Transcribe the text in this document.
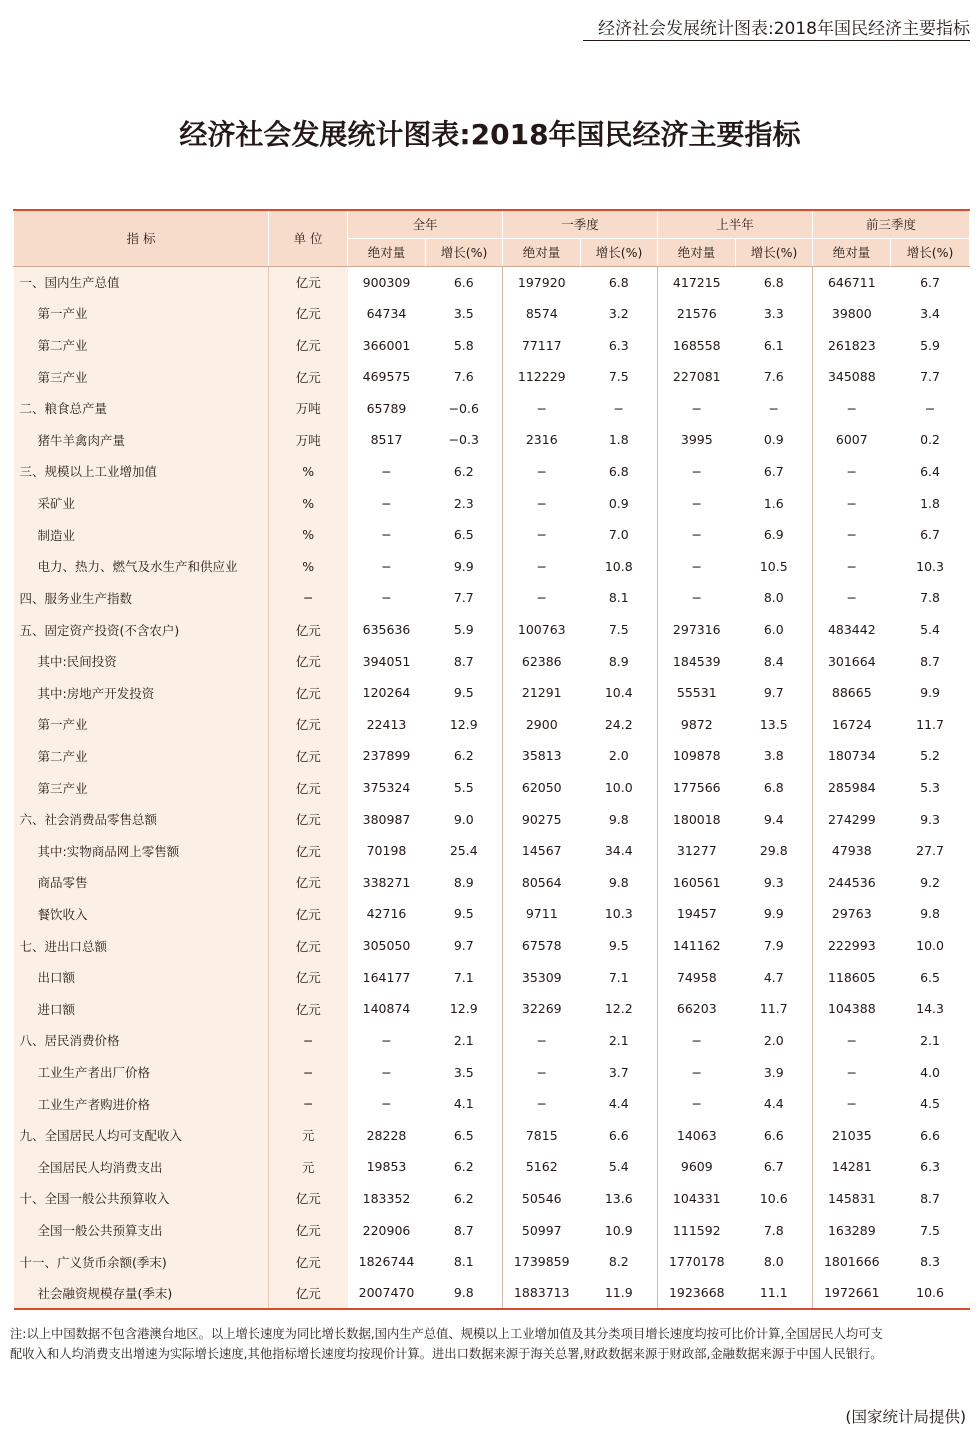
经济社会发展统计图表:2018年国民经济主要指标
经济社会发展统计图表:2018年国民经济主要指标
指 标	单 位	全年		一季度		上半年		前三季度	
		绝对量	增长(%)	绝对量	增长(%)	绝对量	增长(%)	绝对量	增长(%)
一、国内生产总值	亿元	900309	6.6	197920	6.8	417215	6.8	646711	6.7
第一产业	亿元	64734	3.5	8574	3.2	21576	3.3	39800	3.4
第二产业	亿元	366001	5.8	77117	6.3	168558	6.1	261823	5.9
第三产业	亿元	469575	7.6	112229	7.5	227081	7.6	345088	7.7
二、粮食总产量	万吨	65789	−0.6	−	−	−	−	−	−
猪牛羊禽肉产量	万吨	8517	−0.3	2316	1.8	3995	0.9	6007	0.2
三、规模以上工业增加值	%	−	6.2	−	6.8	−	6.7	−	6.4
采矿业	%	−	2.3	−	0.9	−	1.6	−	1.8
制造业	%	−	6.5	−	7.0	−	6.9	−	6.7
电力、热力、燃气及水生产和供应业	%	−	9.9	−	10.8	−	10.5	−	10.3
四、服务业生产指数	−	−	7.7	−	8.1	−	8.0	−	7.8
五、固定资产投资(不含农户)	亿元	635636	5.9	100763	7.5	297316	6.0	483442	5.4
其中:民间投资	亿元	394051	8.7	62386	8.9	184539	8.4	301664	8.7
其中:房地产开发投资	亿元	120264	9.5	21291	10.4	55531	9.7	88665	9.9
第一产业	亿元	22413	12.9	2900	24.2	9872	13.5	16724	11.7
第二产业	亿元	237899	6.2	35813	2.0	109878	3.8	180734	5.2
第三产业	亿元	375324	5.5	62050	10.0	177566	6.8	285984	5.3
六、社会消费品零售总额	亿元	380987	9.0	90275	9.8	180018	9.4	274299	9.3
其中:实物商品网上零售额	亿元	70198	25.4	14567	34.4	31277	29.8	47938	27.7
商品零售	亿元	338271	8.9	80564	9.8	160561	9.3	244536	9.2
餐饮收入	亿元	42716	9.5	9711	10.3	19457	9.9	29763	9.8
七、进出口总额	亿元	305050	9.7	67578	9.5	141162	7.9	222993	10.0
出口额	亿元	164177	7.1	35309	7.1	74958	4.7	118605	6.5
进口额	亿元	140874	12.9	32269	12.2	66203	11.7	104388	14.3
八、居民消费价格	−	−	2.1	−	2.1	−	2.0	−	2.1
工业生产者出厂价格	−	−	3.5	−	3.7	−	3.9	−	4.0
工业生产者购进价格	−	−	4.1	−	4.4	−	4.4	−	4.5
九、全国居民人均可支配收入	元	28228	6.5	7815	6.6	14063	6.6	21035	6.6
全国居民人均消费支出	元	19853	6.2	5162	5.4	9609	6.7	14281	6.3
十、全国一般公共预算收入	亿元	183352	6.2	50546	13.6	104331	10.6	145831	8.7
全国一般公共预算支出	亿元	220906	8.7	50997	10.9	111592	7.8	163289	7.5
十一、广义货币余额(季末)	亿元	1826744	8.1	1739859	8.2	1770178	8.0	1801666	8.3
社会融资规模存量(季末)	亿元	2007470	9.8	1883713	11.9	1923668	11.1	1972661	10.6
注:以上中国数据不包含港澳台地区。以上增长速度为同比增长数据,国内生产总值、规模以上工业增加值及其分类项目增长速度均按可比价计算,全国居民人均可支
配收入和人均消费支出增速为实际增长速度,其他指标增长速度均按现价计算。进出口数据来源于海关总署,财政数据来源于财政部,金融数据来源于中国人民银行。
(国家统计局提供)
